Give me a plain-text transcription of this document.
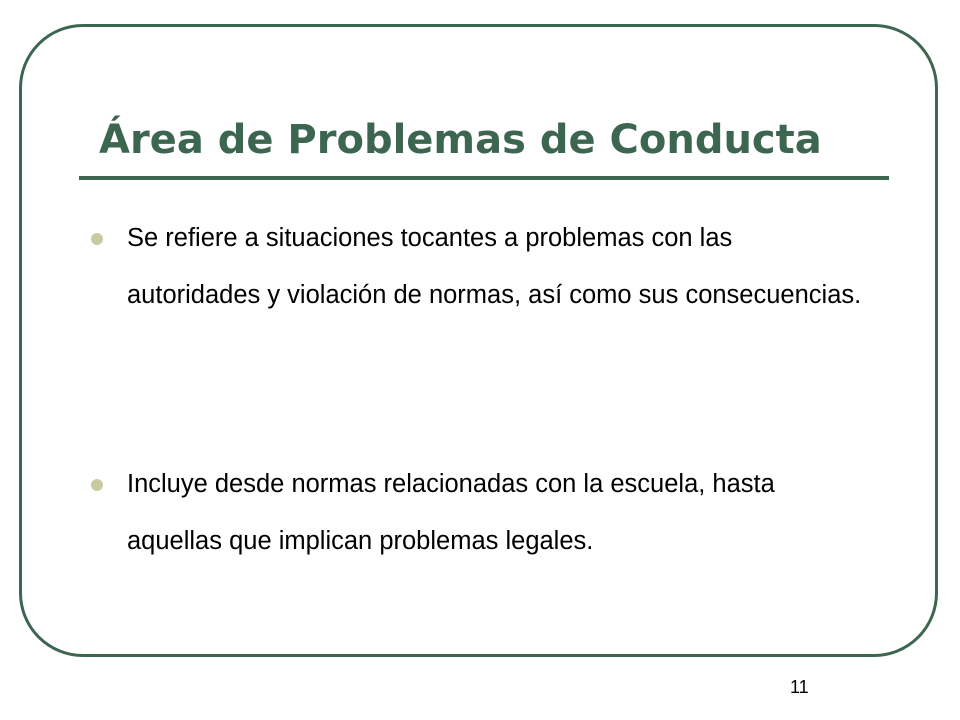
Área de Problemas de Conducta
Se refiere a situaciones tocantes a problemas con las autoridades y violación de normas, así como sus consecuencias.
Incluye desde normas relacionadas con la escuela, hasta aquellas que implican problemas legales.
11
